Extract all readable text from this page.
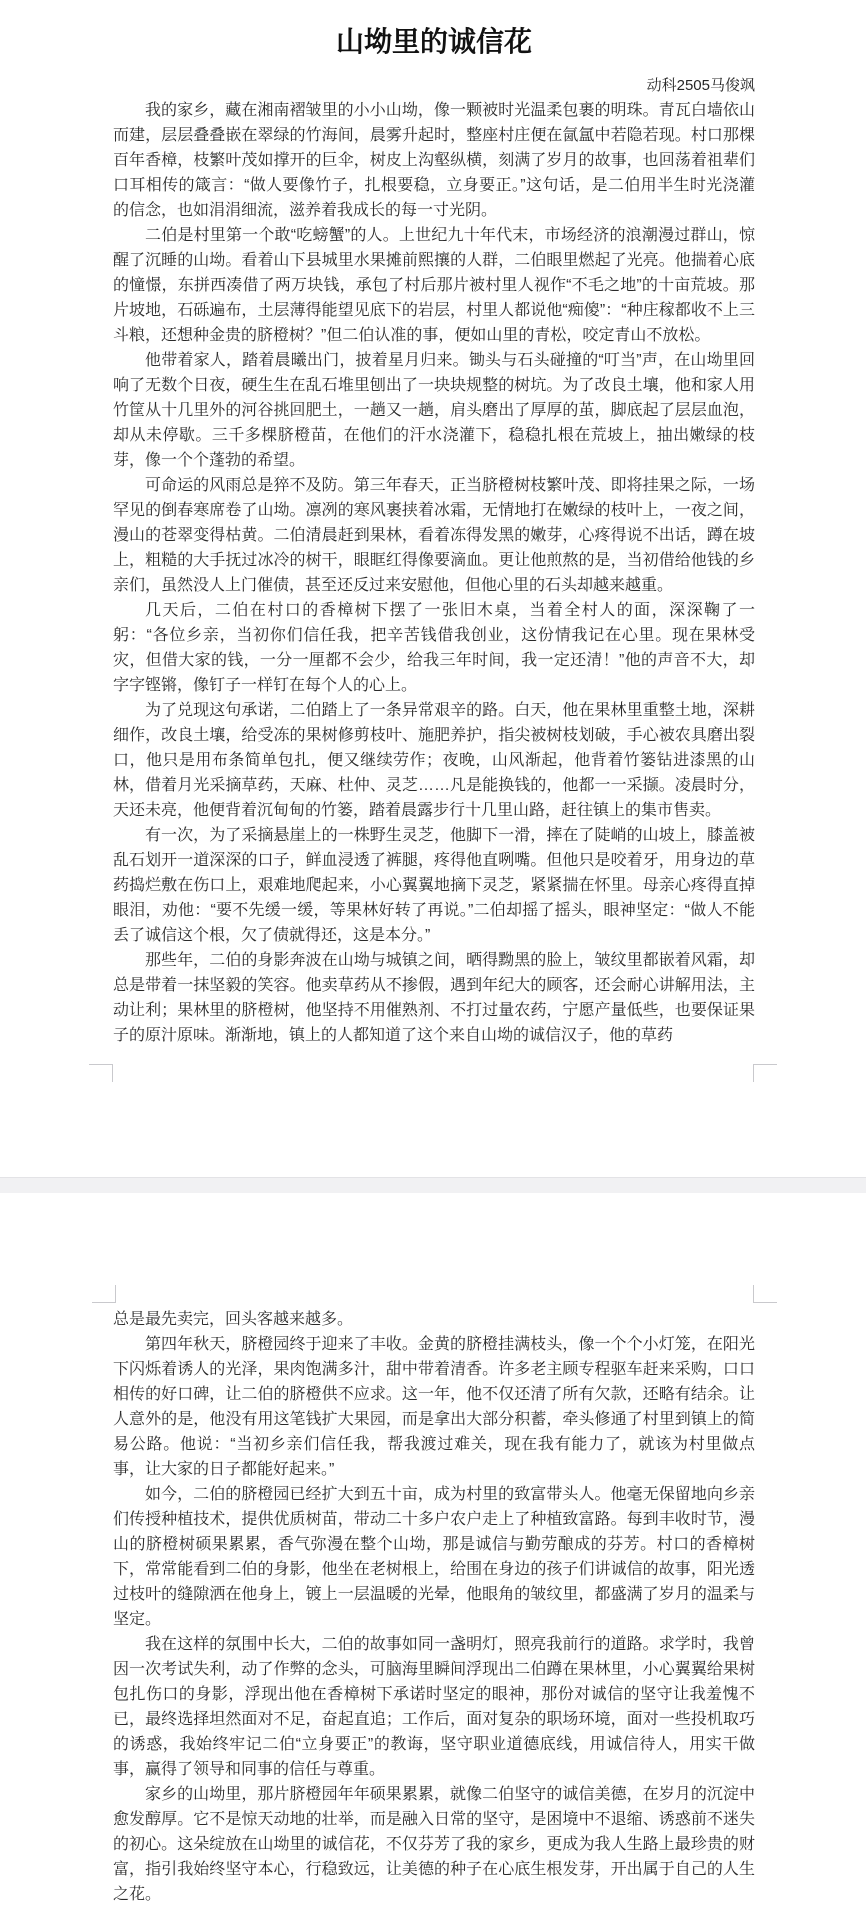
山坳里的诚信花
动科2505马俊飒

我的家乡，藏在湘南褶皱里的小小山坳，像一颗被时光温柔包裹的明珠。青瓦白墙依山而建，层层叠叠嵌在翠绿的竹海间，晨雾升起时，整座村庄便在氤氲中若隐若现。村口那棵百年香樟，枝繁叶茂如撑开的巨伞，树皮上沟壑纵横，刻满了岁月的故事，也回荡着祖辈们口耳相传的箴言：“做人要像竹子，扎根要稳，立身要正。”这句话，是二伯用半生时光浇灌的信念，也如涓涓细流，滋养着我成长的每一寸光阴。

二伯是村里第一个敢“吃螃蟹”的人。上世纪九十年代末，市场经济的浪潮漫过群山，惊醒了沉睡的山坳。看着山下县城里水果摊前熙攘的人群，二伯眼里燃起了光亮。他揣着心底的憧憬，东拼西凑借了两万块钱，承包了村后那片被村里人视作“不毛之地”的十亩荒坡。那片坡地，石砾遍布，土层薄得能望见底下的岩层，村里人都说他“痴傻”：“种庄稼都收不上三斗粮，还想种金贵的脐橙树？”但二伯认准的事，便如山里的青松，咬定青山不放松。

他带着家人，踏着晨曦出门，披着星月归来。锄头与石头碰撞的“叮当”声，在山坳里回响了无数个日夜，硬生生在乱石堆里刨出了一块块规整的树坑。为了改良土壤，他和家人用竹筐从十几里外的河谷挑回肥土，一趟又一趟，肩头磨出了厚厚的茧，脚底起了层层血泡，却从未停歇。三千多棵脐橙苗，在他们的汗水浇灌下，稳稳扎根在荒坡上，抽出嫩绿的枝芽，像一个个蓬勃的希望。

可命运的风雨总是猝不及防。第三年春天，正当脐橙树枝繁叶茂、即将挂果之际，一场罕见的倒春寒席卷了山坳。凛冽的寒风裹挟着冰霜，无情地打在嫩绿的枝叶上，一夜之间，漫山的苍翠变得枯黄。二伯清晨赶到果林，看着冻得发黑的嫩芽，心疼得说不出话，蹲在坡上，粗糙的大手抚过冰冷的树干，眼眶红得像要滴血。更让他煎熬的是，当初借给他钱的乡亲们，虽然没人上门催债，甚至还反过来安慰他，但他心里的石头却越来越重。

几天后，二伯在村口的香樟树下摆了一张旧木桌，当着全村人的面，深深鞠了一躬：“各位乡亲，当初你们信任我，把辛苦钱借我创业，这份情我记在心里。现在果林受灾，但借大家的钱，一分一厘都不会少，给我三年时间，我一定还清！”他的声音不大，却字字铿锵，像钉子一样钉在每个人的心上。

为了兑现这句承诺，二伯踏上了一条异常艰辛的路。白天，他在果林里重整土地，深耕细作，改良土壤，给受冻的果树修剪枝叶、施肥养护，指尖被树枝划破，手心被农具磨出裂口，他只是用布条简单包扎，便又继续劳作；夜晚，山风渐起，他背着竹篓钻进漆黑的山林，借着月光采摘草药，天麻、杜仲、灵芝……凡是能换钱的，他都一一采撷。凌晨时分，天还未亮，他便背着沉甸甸的竹篓，踏着晨露步行十几里山路，赶往镇上的集市售卖。

有一次，为了采摘悬崖上的一株野生灵芝，他脚下一滑，摔在了陡峭的山坡上，膝盖被乱石划开一道深深的口子，鲜血浸透了裤腿，疼得他直咧嘴。但他只是咬着牙，用身边的草药捣烂敷在伤口上，艰难地爬起来，小心翼翼地摘下灵芝，紧紧揣在怀里。母亲心疼得直掉眼泪，劝他：“要不先缓一缓，等果林好转了再说。”二伯却摇了摇头，眼神坚定：“做人不能丢了诚信这个根，欠了债就得还，这是本分。”

那些年，二伯的身影奔波在山坳与城镇之间，晒得黝黑的脸上，皱纹里都嵌着风霜，却总是带着一抹坚毅的笑容。他卖草药从不掺假，遇到年纪大的顾客，还会耐心讲解用法，主动让利；果林里的脐橙树，他坚持不用催熟剂、不打过量农药，宁愿产量低些，也要保证果子的原汁原味。渐渐地，镇上的人都知道了这个来自山坳的诚信汉子，他的草药

总是最先卖完，回头客越来越多。

第四年秋天，脐橙园终于迎来了丰收。金黄的脐橙挂满枝头，像一个个小灯笼，在阳光下闪烁着诱人的光泽，果肉饱满多汁，甜中带着清香。许多老主顾专程驱车赶来采购，口口相传的好口碑，让二伯的脐橙供不应求。这一年，他不仅还清了所有欠款，还略有结余。让人意外的是，他没有用这笔钱扩大果园，而是拿出大部分积蓄，牵头修通了村里到镇上的简易公路。他说：“当初乡亲们信任我，帮我渡过难关，现在我有能力了，就该为村里做点事，让大家的日子都能好起来。”

如今，二伯的脐橙园已经扩大到五十亩，成为村里的致富带头人。他毫无保留地向乡亲们传授种植技术，提供优质树苗，带动二十多户农户走上了种植致富路。每到丰收时节，漫山的脐橙树硕果累累，香气弥漫在整个山坳，那是诚信与勤劳酿成的芬芳。村口的香樟树下，常常能看到二伯的身影，他坐在老树根上，给围在身边的孩子们讲诚信的故事，阳光透过枝叶的缝隙洒在他身上，镀上一层温暖的光晕，他眼角的皱纹里，都盛满了岁月的温柔与坚定。

我在这样的氛围中长大，二伯的故事如同一盏明灯，照亮我前行的道路。求学时，我曾因一次考试失利，动了作弊的念头，可脑海里瞬间浮现出二伯蹲在果林里，小心翼翼给果树包扎伤口的身影，浮现出他在香樟树下承诺时坚定的眼神，那份对诚信的坚守让我羞愧不已，最终选择坦然面对不足，奋起直追；工作后，面对复杂的职场环境，面对一些投机取巧的诱惑，我始终牢记二伯“立身要正”的教诲，坚守职业道德底线，用诚信待人，用实干做事，赢得了领导和同事的信任与尊重。

家乡的山坳里，那片脐橙园年年硕果累累，就像二伯坚守的诚信美德，在岁月的沉淀中愈发醇厚。它不是惊天动地的壮举，而是融入日常的坚守，是困境中不退缩、诱惑前不迷失的初心。这朵绽放在山坳里的诚信花，不仅芬芳了我的家乡，更成为我人生路上最珍贵的财富，指引我始终坚守本心，行稳致远，让美德的种子在心底生根发芽，开出属于自己的人生之花。
